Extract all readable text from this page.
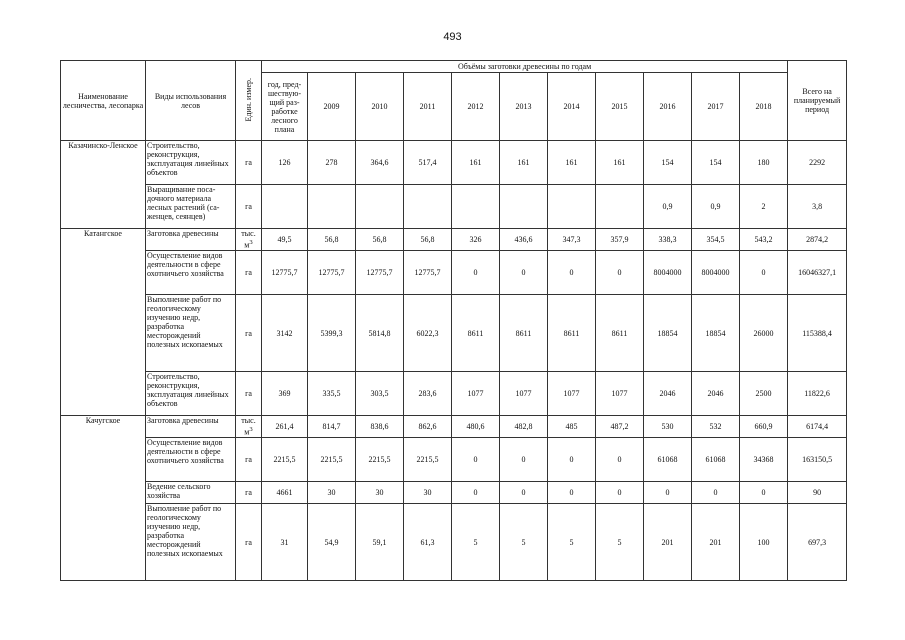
493
Наименование лесничества, лесопарка	Виды использования лесов	Един. измер.	Объёмы заготовки древесины по годам											Всего на планируемый период
			год, пред-шествую-щий раз-работке лесного плана	2009	2010	2011	2012	2013	2014	2015	2016	2017	2018	
Казачинско-Ленское	Строительство, реконструкция, эксплуатация линейных объектов	га	126	278	364,6	517,4	161	161	161	161	154	154	180	2292
	Выращивание поса-дочного материала лесных растений (са-женцев, сеянцев)	га									0,9	0,9	2	3,8
Катангское	Заготовка древесины	тыс. $м^3$	49,5	56,8	56,8	56,8	326	436,6	347,3	357,9	338,3	354,5	543,2	2874,2
	Осуществление видов деятельности в сфере охотничьего хозяйства	га	12775,7	12775,7	12775,7	12775,7	0	0	0	0	8004000	8004000	0	16046327,1
	Выполнение работ по геологическому изучению недр, разработка месторождений полезных ископаемых	га	3142	5399,3	5814,8	6022,3	8611	8611	8611	8611	18854	18854	26000	115388,4
	Строительство, реконструкция, эксплуатация линейных объектов	га	369	335,5	303,5	283,6	1077	1077	1077	1077	2046	2046	2500	11822,6
Качугское	Заготовка древесины	тыс. $м^3$	261,4	814,7	838,6	862,6	480,6	482,8	485	487,2	530	532	660,9	6174,4
	Осуществление видов деятельности в сфере охотничьего хозяйства	га	2215,5	2215,5	2215,5	2215,5	0	0	0	0	61068	61068	34368	163150,5
	Ведение сельского хозяйства	га	4661	30	30	30	0	0	0	0	0	0	0	90
	Выполнение работ по геологическому изучению недр, разработка месторождений полезных ископаемых	га	31	54,9	59,1	61,3	5	5	5	5	201	201	100	697,3
